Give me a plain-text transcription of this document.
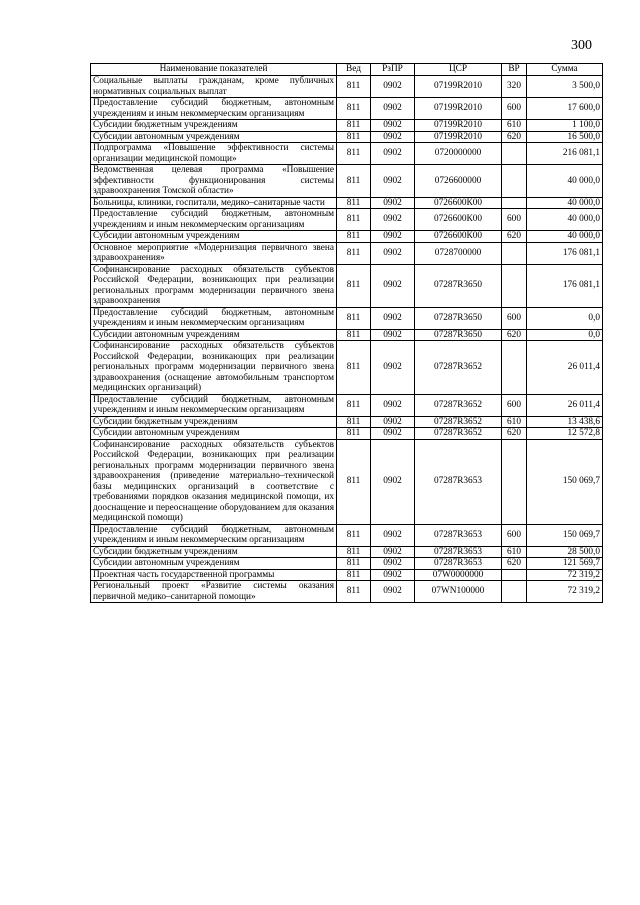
300
Наименование показателей	Вед	РзПР	ЦСР	ВР	Сумма
Социальные выплаты гражданам, кроме публичных нормативных социальных выплат	811	0902	07199R2010	320	3 500,0
Предоставление субсидий бюджетным, автономным учреждениям и иным некоммерческим организациям	811	0902	07199R2010	600	17 600,0
Субсидии бюджетным учреждениям	811	0902	07199R2010	610	1 100,0
Субсидии автономным учреждениям	811	0902	07199R2010	620	16 500,0
Подпрограмма «Повышение эффективности системы организации медицинской помощи»	811	0902	0720000000		216 081,1
Ведомственная целевая программа «Повышение эффективности функционирования системы здравоохранения Томской области»	811	0902	0726600000		40 000,0
Больницы, клиники, госпитали, медико–санитарные части	811	0902	0726600К00		40 000,0
Предоставление субсидий бюджетным, автономным учреждениям и иным некоммерческим организациям	811	0902	0726600К00	600	40 000,0
Субсидии автономным учреждениям	811	0902	0726600К00	620	40 000,0
Основное мероприятие «Модернизация первичного звена здравоохранения»	811	0902	0728700000		176 081,1
Софинансирование расходных обязательств субъектов Российской Федерации, возникающих при реализации региональных программ модернизации первичного звена здравоохранения	811	0902	07287R3650		176 081,1
Предоставление субсидий бюджетным, автономным учреждениям и иным некоммерческим организациям	811	0902	07287R3650	600	0,0
Субсидии автономным учреждениям	811	0902	07287R3650	620	0,0
Софинансирование расходных обязательств субъектов Российской Федерации, возникающих при реализации региональных программ модернизации первичного звена здравоохранения (оснащение автомобильным транспортом медицинских организаций)	811	0902	07287R3652		26 011,4
Предоставление субсидий бюджетным, автономным учреждениям и иным некоммерческим организациям	811	0902	07287R3652	600	26 011,4
Субсидии бюджетным учреждениям	811	0902	07287R3652	610	13 438,6
Субсидии автономным учреждениям	811	0902	07287R3652	620	12 572,8
Софинансирование расходных обязательств субъектов Российской Федерации, возникающих при реализации региональных программ модернизации первичного звена здравоохранения (приведение материально–технической базы медицинских организаций в соответствие с требованиями порядков оказания медицинской помощи, их дооснащение и переоснащение оборудованием для оказания медицинской помощи)	811	0902	07287R3653		150 069,7
Предоставление субсидий бюджетным, автономным учреждениям и иным некоммерческим организациям	811	0902	07287R3653	600	150 069,7
Субсидии бюджетным учреждениям	811	0902	07287R3653	610	28 500,0
Субсидии автономным учреждениям	811	0902	07287R3653	620	121 569,7
Проектная часть государственной программы	811	0902	07W0000000		72 319,2
Региональный проект «Развитие системы оказания первичной медико–санитарной помощи»	811	0902	07WN100000		72 319,2
